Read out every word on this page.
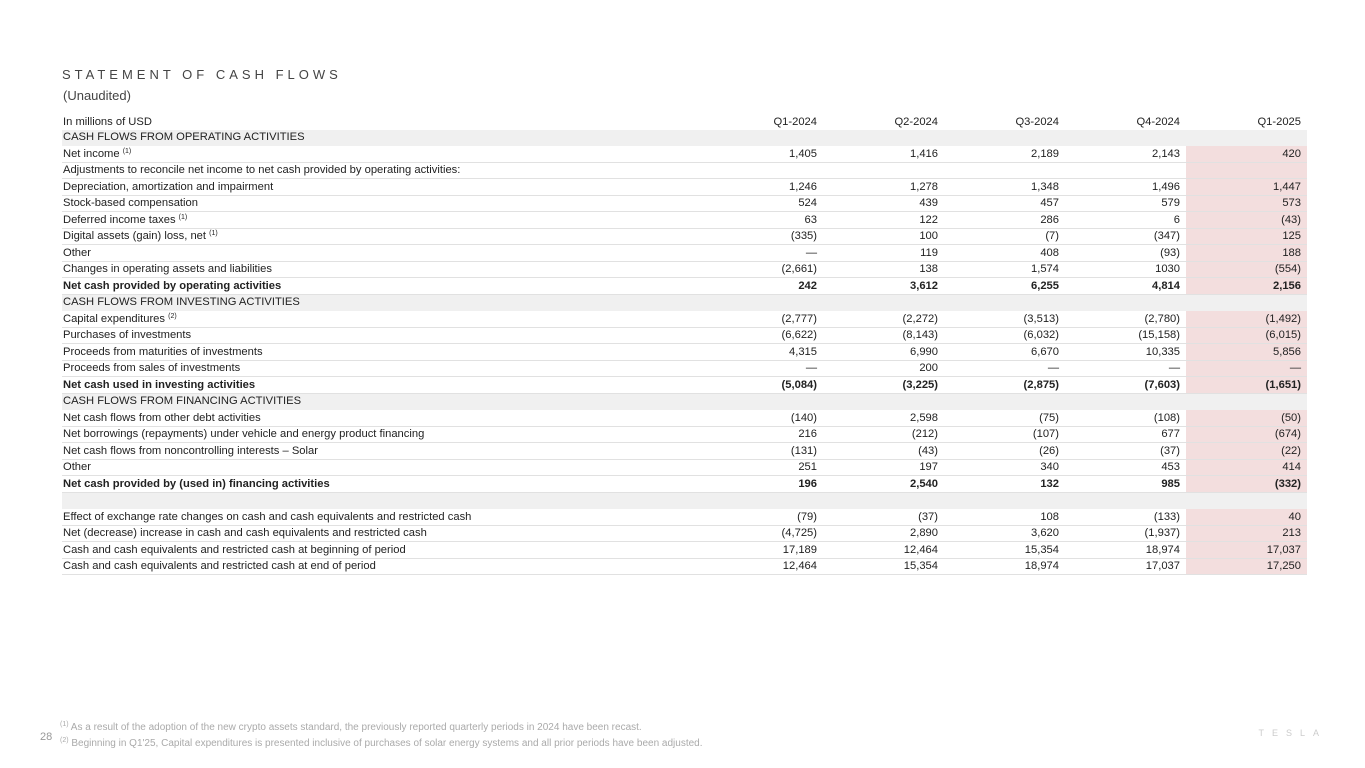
STATEMENT OF CASH FLOWS
(Unaudited)
In millions of USD	Q1-2024	Q2-2024	Q3-2024	Q4-2024	Q1-2025
CASH FLOWS FROM OPERATING ACTIVITIES					
Net income $^{(1)}$	1,405	1,416	2,189	2,143	420
Adjustments to reconcile net income to net cash provided by operating activities:					
Depreciation, amortization and impairment	1,246	1,278	1,348	1,496	1,447
Stock-based compensation	524	439	457	579	573
Deferred income taxes $^{(1)}$	63	122	286	6	(43)
Digital assets (gain) loss, net $^{(1)}$	(335)	100	(7)	(347)	125
Other	—	119	408	(93)	188
Changes in operating assets and liabilities	(2,661)	138	1,574	1030	(554)
Net cash provided by operating activities	242	3,612	6,255	4,814	2,156
CASH FLOWS FROM INVESTING ACTIVITIES					
Capital expenditures $^{(2)}$	(2,777)	(2,272)	(3,513)	(2,780)	(1,492)
Purchases of investments	(6,622)	(8,143)	(6,032)	(15,158)	(6,015)
Proceeds from maturities of investments	4,315	6,990	6,670	10,335	5,856
Proceeds from sales of investments	—	200	—	—	—
Net cash used in investing activities	(5,084)	(3,225)	(2,875)	(7,603)	(1,651)
CASH FLOWS FROM FINANCING ACTIVITIES					
Net cash flows from other debt activities	(140)	2,598	(75)	(108)	(50)
Net borrowings (repayments) under vehicle and energy product financing	216	(212)	(107)	677	(674)
Net cash flows from noncontrolling interests – Solar	(131)	(43)	(26)	(37)	(22)
Other	251	197	340	453	414
Net cash provided by (used in) financing activities	196	2,540	132	985	(332)

Effect of exchange rate changes on cash and cash equivalents and restricted cash	(79)	(37)	108	(133)	40
Net (decrease) increase in cash and cash equivalents and restricted cash	(4,725)	2,890	3,620	(1,937)	213
Cash and cash equivalents and restricted cash at beginning of period	17,189	12,464	15,354	18,974	17,037
Cash and cash equivalents and restricted cash at end of period	12,464	15,354	18,974	17,037	17,250
28
$^{(1)}$ As a result of the adoption of the new crypto assets standard, the previously reported quarterly periods in 2024 have been recast.
$^{(2)}$ Beginning in Q1'25, Capital expenditures is presented inclusive of purchases of solar energy systems and all prior periods have been adjusted.
TESLA
